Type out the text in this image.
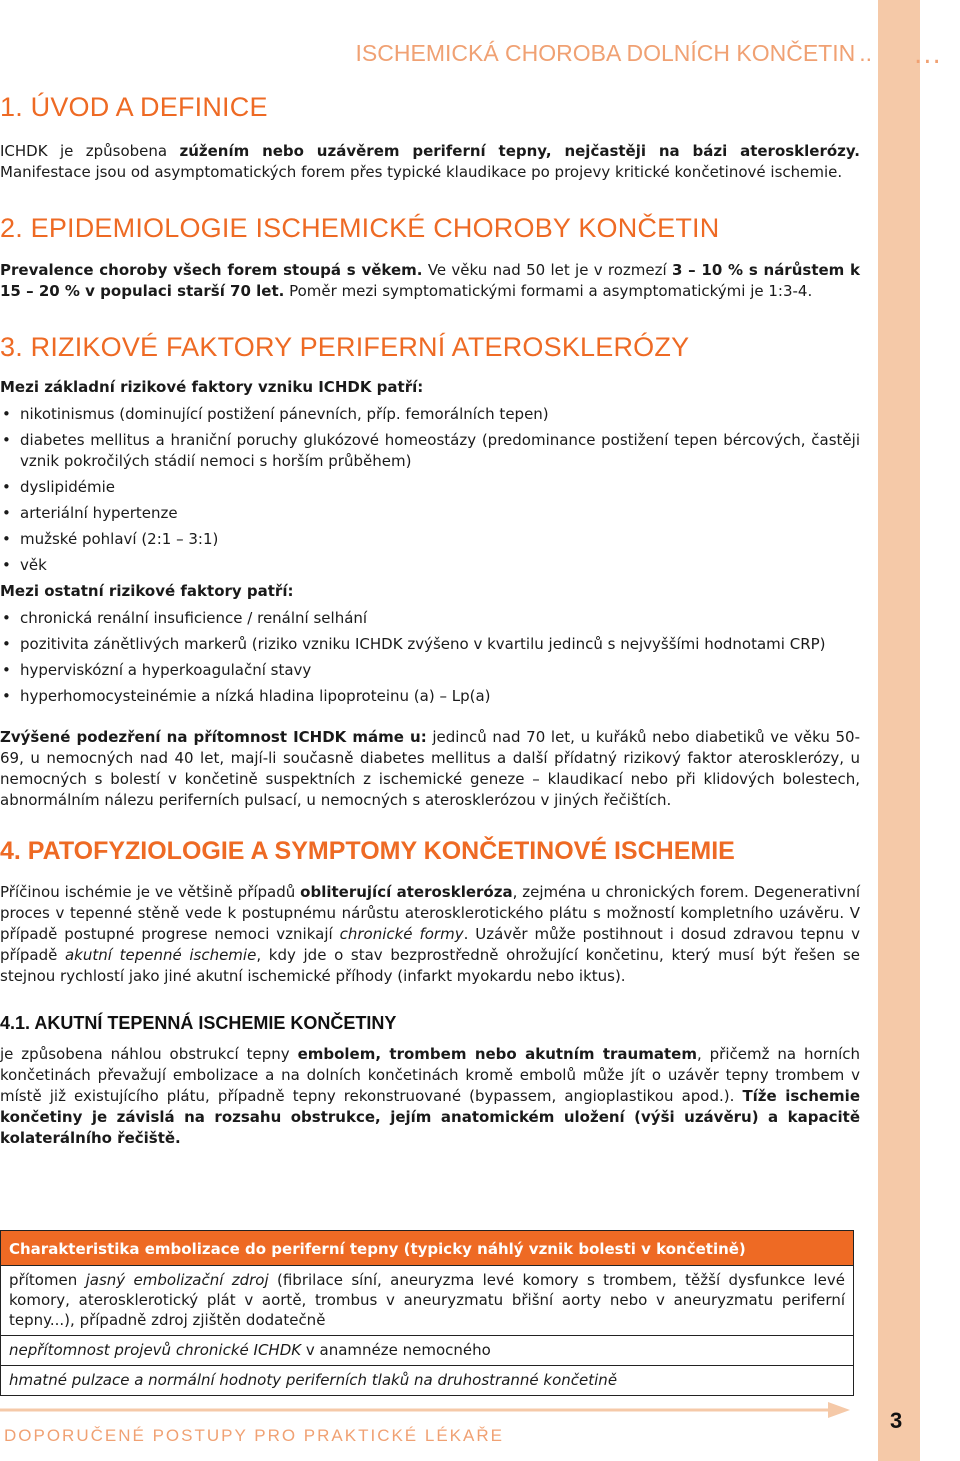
...
ISCHEMICKÁ CHOROBA DOLNÍCH KONČETIN ..
1. ÚVOD A DEFINICE

ICHDK je způsobena zúžením nebo uzávěrem periferní tepny, nejčastěji na bázi aterosklerózy. Manifestace jsou od asymptomatických forem přes typické klaudikace po projevy kritické končetinové ischemie.

2. EPIDEMIOLOGIE ISCHEMICKÉ CHOROBY KONČETIN

Prevalence choroby všech forem stoupá s věkem. Ve věku nad 50 let je v rozmezí 3 – 10 % s nárůstem k 15 – 20 % v populaci starší 70 let. Poměr mezi symptomatickými formami a asymptomatickými je 1:3-4.

3. RIZIKOVÉ FAKTORY PERIFERNÍ ATEROSKLERÓZY

Mezi základní rizikové faktory vzniku ICHDK patří:

• nikotinismus (dominující postižení pánevních, příp. femorálních tepen)
• diabetes mellitus a hraniční poruchy glukózové homeostázy (predominance postižení tepen bércových, častěji vznik pokročilých stádií nemoci s horším průběhem)
• dyslipidémie
• arteriální hypertenze
• mužské pohlaví (2:1 – 3:1)
• věk

Mezi ostatní rizikové faktory patří:

• chronická renální insuficience / renální selhání
• pozitivita zánětlivých markerů (riziko vzniku ICHDK zvýšeno v kvartilu jedinců s nejvyššími hodnotami CRP)
• hyperviskózní a hyperkoagulační stavy
• hyperhomocysteinémie a nízká hladina lipoproteinu (a) – Lp(a)

Zvýšené podezření na přítomnost ICHDK máme u: jedinců nad 70 let, u kuřáků nebo diabetiků ve věku 50-69, u nemocných nad 40 let, mají-li současně diabetes mellitus a další přídatný rizikový faktor aterosklerózy, u nemocných s bolestí v končetině suspektních z ischemické geneze – klaudikací nebo při klidových bolestech, abnormálním nálezu periferních pulsací, u nemocných s aterosklerózou v jiných řečištích.

4. PATOFYZIOLOGIE A SYMPTOMY KONČETINOVÉ ISCHEMIE

Příčinou ischémie je ve většině případů obliterující ateroskleróza, zejména u chronických forem. Degenerativní proces v tepenné stěně vede k postupnému nárůstu aterosklerotického plátu s možností kompletního uzávěru. V případě postupné progrese nemoci vznikají chronické formy. Uzávěr může postihnout i dosud zdravou tepnu v případě akutní tepenné ischemie, kdy jde o stav bezprostředně ohrožující končetinu, který musí být řešen se stejnou rychlostí jako jiné akutní ischemické příhody (infarkt myokardu nebo iktus).

4.1. AKUTNÍ TEPENNÁ ISCHEMIE KONČETINY

je způsobena náhlou obstrukcí tepny embolem, trombem nebo akutním traumatem, přičemž na horních končetinách převažují embolizace a na dolních končetinách kromě embolů může jít o uzávěr tepny trombem v místě již existujícího plátu, případně tepny rekonstruované (bypassem, angioplastikou apod.). Tíže ischemie končetiny je závislá na rozsahu obstrukce, jejím anatomickém uložení (výši uzávěru) a kapacitě kolaterálního řečiště.

Charakteristika embolizace do periferní tepny (typicky náhlý vznik bolesti v končetině)
přítomen jasný embolizační zdroj (fibrilace síní, aneuryzma levé komory s trombem, těžší dysfunkce levé komory, aterosklerotický plát v aortě, trombus v aneuryzmatu břišní aorty nebo v aneuryzmatu periferní tepny...), případně zdroj zjištěn dodatečně
nepřítomnost projevů chronické ICHDK v anamnéze nemocného
hmatné pulzace a normální hodnoty periferních tlaků na druhostranné končetině
DOPORUČENÉ POSTUPY PRO PRAKTICKÉ LÉKAŘE
3
